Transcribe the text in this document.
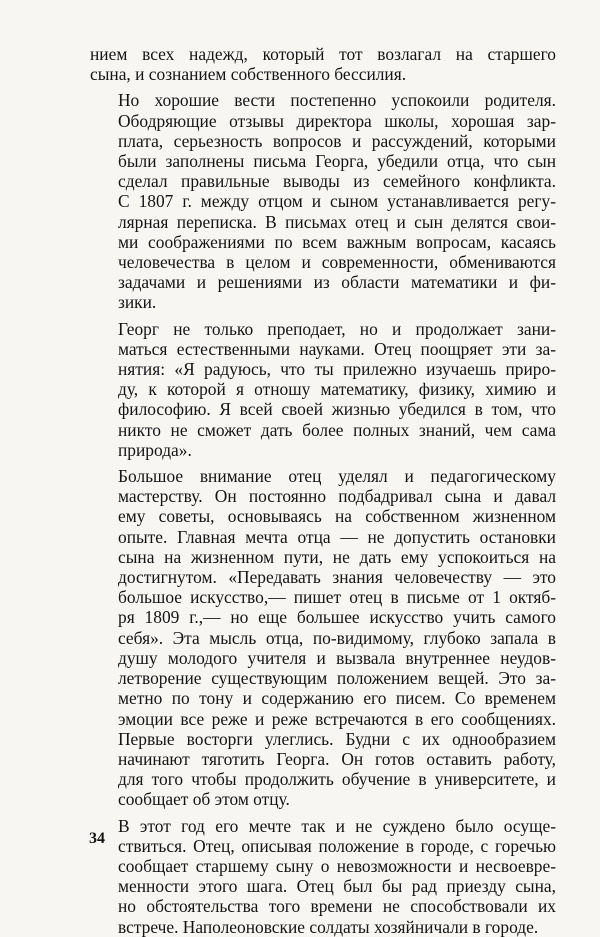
нием всех надежд, который тот возлагал на старшего
сына, и сознанием собственного бессилия.

Но хорошие вести постепенно успокоили родителя.
Ободряющие отзывы директора школы, хорошая зар-
плата, серьезность вопросов и рассуждений, которыми
были заполнены письма Георга, убедили отца, что сын
сделал правильные выводы из семейного конфликта.
С 1807 г. между отцом и сыном устанавливается регу-
лярная переписка. В письмах отец и сын делятся свои-
ми соображениями по всем важным вопросам, касаясь
человечества в целом и современности, обмениваются
задачами и решениями из области математики и фи-
зики.

Георг не только преподает, но и продолжает зани-
маться естественными науками. Отец поощряет эти за-
нятия: «Я радуюсь, что ты прилежно изучаешь приро-
ду, к которой я отношу математику, физику, химию и
философию. Я всей своей жизнью убедился в том, что
никто не сможет дать более полных знаний, чем сама
природа».

Большое внимание отец уделял и педагогическому
мастерству. Он постоянно подбадривал сына и давал
ему советы, основываясь на собственном жизненном
опыте. Главная мечта отца — не допустить остановки
сына на жизненном пути, не дать ему успокоиться на
достигнутом. «Передавать знания человечеству — это
большое искусство,— пишет отец в письме от 1 октяб-
ря 1809 г.,— но еще большее искусство учить самого
себя». Эта мысль отца, по-видимому, глубоко запала в
душу молодого учителя и вызвала внутреннее неудов-
летворение существующим положением вещей. Это за-
метно по тону и содержанию его писем. Со временем
эмоции все реже и реже встречаются в его сообщениях.
Первые восторги улеглись. Будни с их однообразием
начинают тяготить Георга. Он готов оставить работу,
для того чтобы продолжить обучение в университете, и
сообщает об этом отцу.

В этот год его мечте так и не суждено было осуще-
ствиться. Отец, описывая положение в городе, с горечью
сообщает старшему сыну о невозможности и несвоевре-
менности этого шага. Отец был бы рад приезду сына,
но обстоятельства того времени не способствовали их
встрече. Наполеоновские солдаты хозяйничали в городе.

34
